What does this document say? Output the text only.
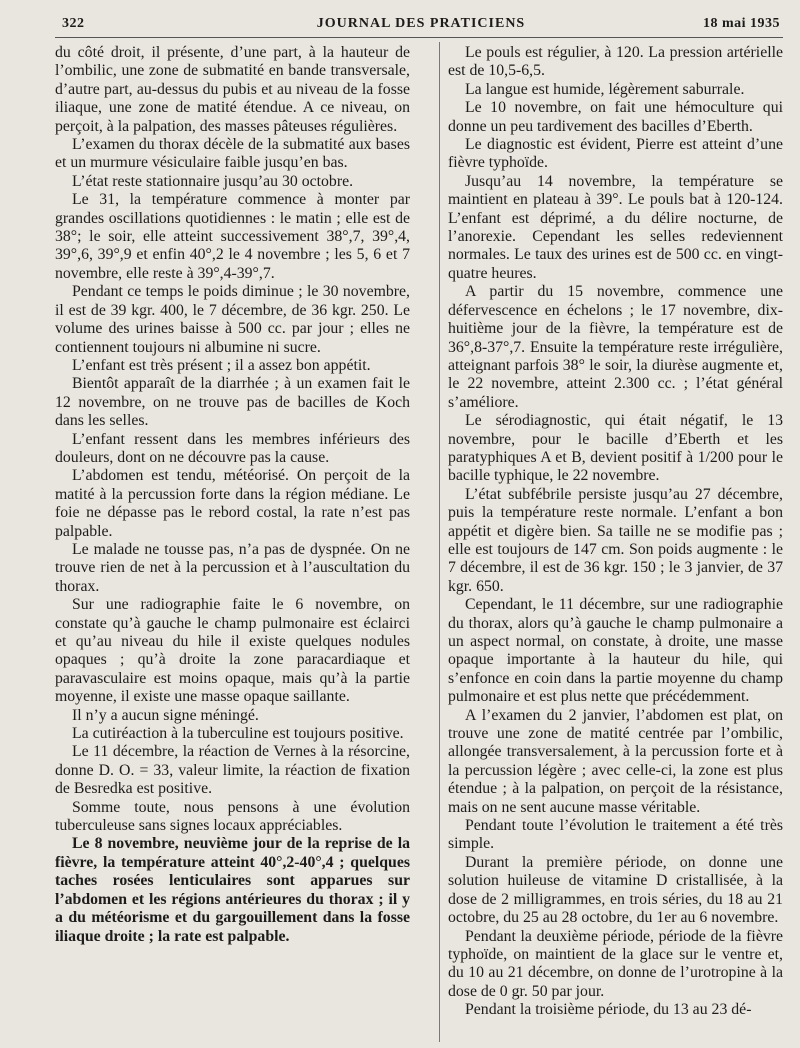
322	JOURNAL DES PRATICIENS	18 mai 1935

du côté droit, il présente, d’une part, à la hauteur de l’ombilic, une zone de submatité en bande transversale, d’autre part, au-dessus du pubis et au niveau de la fosse iliaque, une zone de matité étendue. A ce niveau, on perçoit, à la palpation, des masses pâteuses régulières.

L’examen du thorax décèle de la submatité aux bases et un murmure vésiculaire faible jusqu’en bas.

L’état reste stationnaire jusqu’au 30 octobre.

Le 31, la température commence à monter par grandes oscillations quotidiennes : le matin ; elle est de 38°; le soir, elle atteint successivement 38°,7, 39°,4, 39°,6, 39°,9 et enfin 40°,2 le 4 novembre ; les 5, 6 et 7 novembre, elle reste à 39°,4-39°,7.

Pendant ce temps le poids diminue ; le 30 novembre, il est de 39 kgr. 400, le 7 décembre, de 36 kgr. 250. Le volume des urines baisse à 500 cc. par jour ; elles ne contiennent toujours ni albumine ni sucre.

L’enfant est très présent ; il a assez bon appétit.

Bientôt apparaît de la diarrhée ; à un examen fait le 12 novembre, on ne trouve pas de bacilles de Koch dans les selles.

L’enfant ressent dans les membres inférieurs des douleurs, dont on ne découvre pas la cause.

L’abdomen est tendu, météorisé. On perçoit de la matité à la percussion forte dans la région médiane. Le foie ne dépasse pas le rebord costal, la rate n’est pas palpable.

Le malade ne tousse pas, n’a pas de dyspnée. On ne trouve rien de net à la percussion et à l’auscultation du thorax.

Sur une radiographie faite le 6 novembre, on constate qu’à gauche le champ pulmonaire est éclairci et qu’au niveau du hile il existe quelques nodules opaques ; qu’à droite la zone paracardiaque et paravasculaire est moins opaque, mais qu’à la partie moyenne, il existe une masse opaque saillante.

Il n’y a aucun signe méningé.

La cutiréaction à la tuberculine est toujours positive.

Le 11 décembre, la réaction de Vernes à la résorcine, donne D. O. = 33, valeur limite, la réaction de fixation de Besredka est positive.

Somme toute, nous pensons à une évolution tuberculeuse sans signes locaux appréciables.

Le 8 novembre, neuvième jour de la reprise de la fièvre, la température atteint 40°,2-40°,4 ; quelques taches rosées lenticulaires sont apparues sur l’abdomen et les régions antérieures du thorax ; il y a du météorisme et du gargouillement dans la fosse iliaque droite ; la rate est palpable.

Le pouls est régulier, à 120. La pression artérielle est de 10,5-6,5.

La langue est humide, légèrement saburrale.

Le 10 novembre, on fait une hémoculture qui donne un peu tardivement des bacilles d’Eberth.

Le diagnostic est évident, Pierre est atteint d’une fièvre typhoïde.

Jusqu’au 14 novembre, la température se maintient en plateau à 39°. Le pouls bat à 120-124. L’enfant est déprimé, a du délire nocturne, de l’anorexie. Cependant les selles redeviennent normales. Le taux des urines est de 500 cc. en vingt-quatre heures.

A partir du 15 novembre, commence une défervescence en échelons ; le 17 novembre, dix-huitième jour de la fièvre, la température est de 36°,8-37°,7. Ensuite la température reste irrégulière, atteignant parfois 38° le soir, la diurèse augmente et, le 22 novembre, atteint 2.300 cc. ; l’état général s’améliore.

Le sérodiagnostic, qui était négatif, le 13 novembre, pour le bacille d’Eberth et les paratyphiques A et B, devient positif à 1/200 pour le bacille typhique, le 22 novembre.

L’état subfébrile persiste jusqu’au 27 décembre, puis la température reste normale. L’enfant a bon appétit et digère bien. Sa taille ne se modifie pas ; elle est toujours de 147 cm. Son poids augmente : le 7 décembre, il est de 36 kgr. 150 ; le 3 janvier, de 37 kgr. 650.

Cependant, le 11 décembre, sur une radiographie du thorax, alors qu’à gauche le champ pulmonaire a un aspect normal, on constate, à droite, une masse opaque importante à la hauteur du hile, qui s’enfonce en coin dans la partie moyenne du champ pulmonaire et est plus nette que précédemment.

A l’examen du 2 janvier, l’abdomen est plat, on trouve une zone de matité centrée par l’ombilic, allongée transversalement, à la percussion forte et à la percussion légère ; avec celle-ci, la zone est plus étendue ; à la palpation, on perçoit de la résistance, mais on ne sent aucune masse véritable.

Pendant toute l’évolution le traitement a été très simple.

Durant la première période, on donne une solution huileuse de vitamine D cristallisée, à la dose de 2 milligrammes, en trois séries, du 18 au 21 octobre, du 25 au 28 octobre, du 1er au 6 novembre.

Pendant la deuxième période, période de la fièvre typhoïde, on maintient de la glace sur le ventre et, du 10 au 21 décembre, on donne de l’urotropine à la dose de 0 gr. 50 par jour.

Pendant la troisième période, du 13 au 23 dé-
